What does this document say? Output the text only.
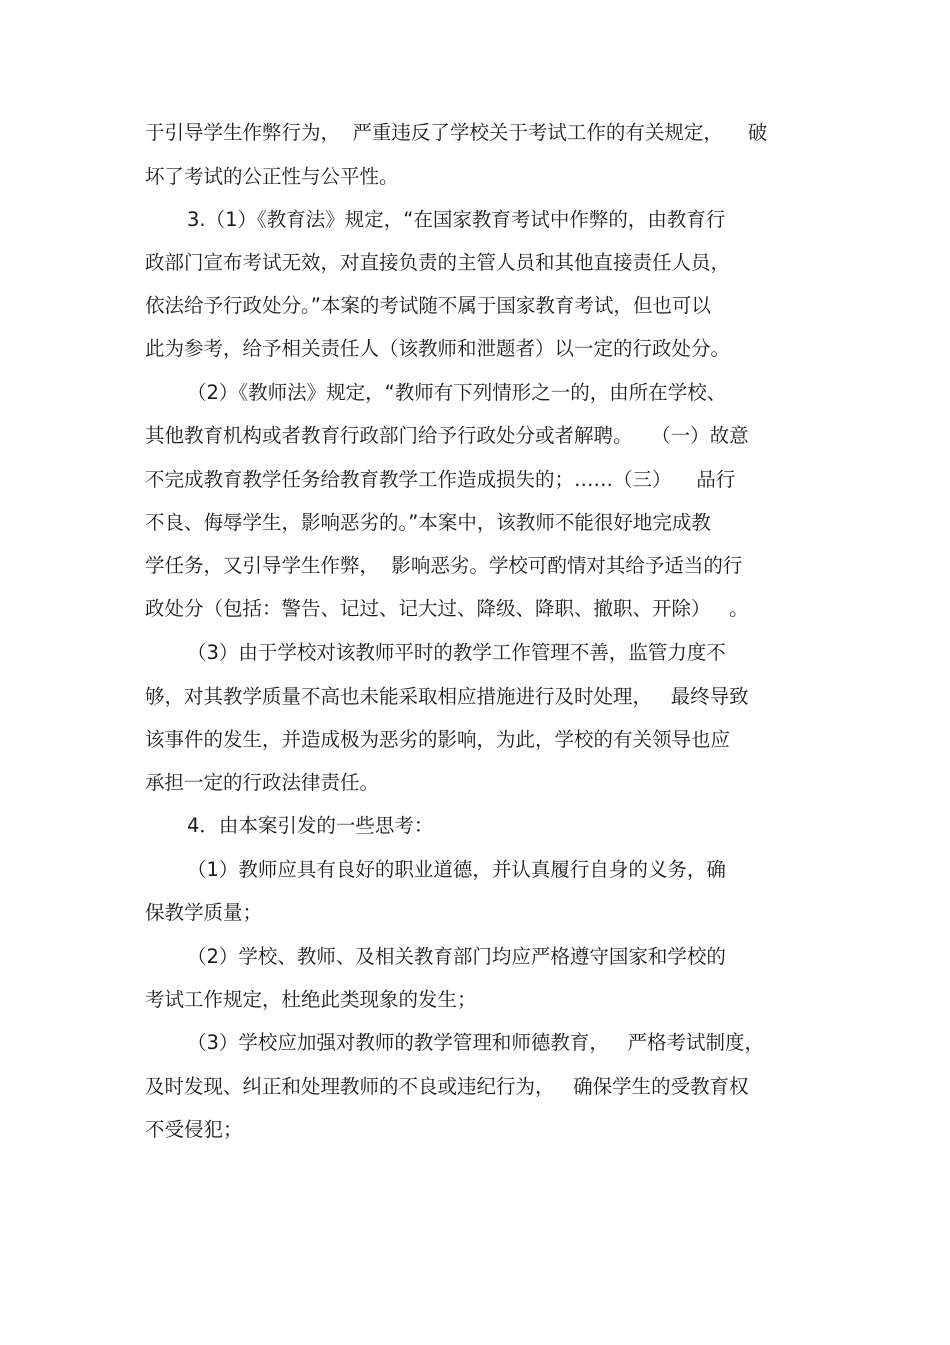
于引导学生作弊行为，  严重违反了学校关于考试工作的有关规定，    破
坏了考试的公正性与公平性。
3.（1）《教育法》规定，“在国家教育考试中作弊的，由教育行
政部门宣布考试无效，对直接负责的主管人员和其他直接责任人员，
依法给予行政处分。”本案的考试随不属于国家教育考试，但也可以
此为参考，给予相关责任人（该教师和泄题者）以一定的行政处分。
（2）《教师法》规定，“教师有下列情形之一的，由所在学校、
其他教育机构或者教育行政部门给予行政处分或者解聘。   （一）故意
不完成教育教学任务给教育教学工作造成损失的；……（三）    品行
不良、侮辱学生，影响恶劣的。”本案中，该教师不能很好地完成教
学任务，又引导学生作弊，  影响恶劣。学校可酌情对其给予适当的行
政处分（包括：警告、记过、记大过、降级、降职、撤职、开除）   。
（3）由于学校对该教师平时的教学工作管理不善，监管力度不
够，对其教学质量不高也未能采取相应措施进行及时处理，   最终导致
该事件的发生，并造成极为恶劣的影响，为此，学校的有关领导也应
承担一定的行政法律责任。
4．由本案引发的一些思考：
（1）教师应具有良好的职业道德，并认真履行自身的义务，确
保教学质量；
（2）学校、教师、及相关教育部门均应严格遵守国家和学校的
考试工作规定，杜绝此类现象的发生；
（3）学校应加强对教师的教学管理和师德教育，   严格考试制度，
及时发现、纠正和处理教师的不良或违纪行为，   确保学生的受教育权
不受侵犯；
